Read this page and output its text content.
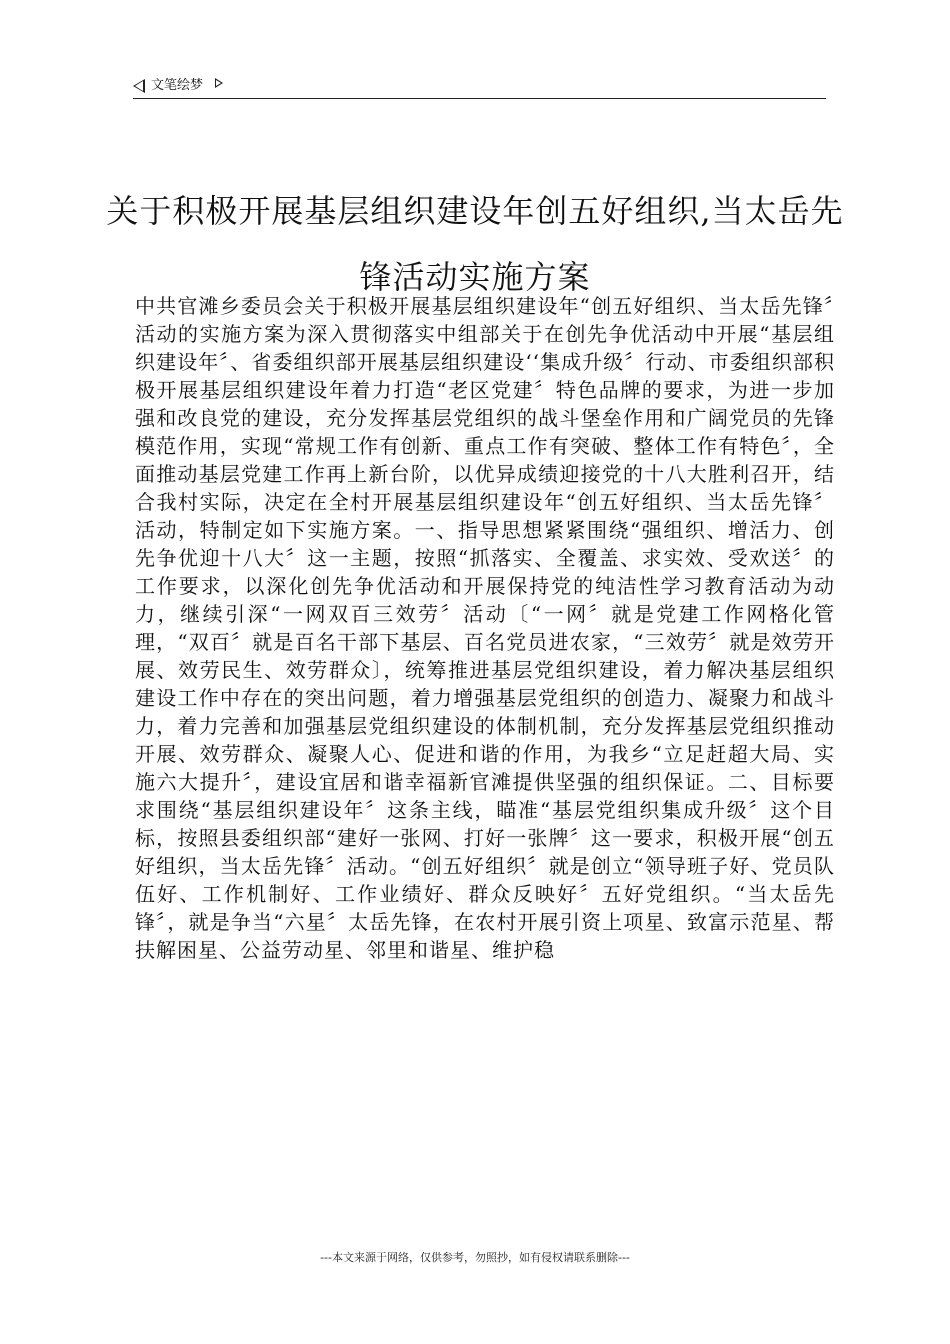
文笔绘梦
关于积极开展基层组织建设年创五好组织,当太岳先锋活动实施方案

中共官滩乡委员会关于积极开展基层组织建设年“创五好组织、当太岳先锋〞活动的实施方案为深入贯彻落实中组部关于在创先争优活动中开展“基层组织建设年〞、省委组织部开展基层组织建设‘‘集成升级〞行动、市委组织部积极开展基层组织建设年着力打造“老区党建〞特色品牌的要求，为进一步加强和改良党的建设，充分发挥基层党组织的战斗堡垒作用和广阔党员的先锋模范作用，实现“常规工作有创新、重点工作有突破、整体工作有特色〞，全面推动基层党建工作再上新台阶，以优异成绩迎接党的十八大胜利召开，结合我村实际，决定在全村开展基层组织建设年“创五好组织、当太岳先锋〞活动，特制定如下实施方案。一、指导思想紧紧围绕“强组织、增活力、创先争优迎十八大〞这一主题，按照“抓落实、全覆盖、求实效、受欢送〞的工作要求，以深化创先争优活动和开展保持党的纯洁性学习教育活动为动力，继续引深“一网双百三效劳〞活动〔“一网〞就是党建工作网格化管理，“双百〞就是百名干部下基层、百名党员进农家，“三效劳〞就是效劳开展、效劳民生、效劳群众〕，统筹推进基层党组织建设，着力解决基层组织建设工作中存在的突出问题，着力增强基层党组织的创造力、凝聚力和战斗力，着力完善和加强基层党组织建设的体制机制，充分发挥基层党组织推动开展、效劳群众、凝聚人心、促进和谐的作用，为我乡“立足赶超大局、实施六大提升〞，建设宜居和谐幸福新官滩提供坚强的组织保证。二、目标要求围绕“基层组织建设年〞这条主线，瞄准“基层党组织集成升级〞这个目标，按照县委组织部“建好一张网、打好一张牌〞这一要求，积极开展“创五好组织，当太岳先锋〞活动。“创五好组织〞就是创立“领导班子好、党员队伍好、工作机制好、工作业绩好、群众反映好〞五好党组织。“当太岳先锋〞，就是争当“六星〞太岳先锋，在农村开展引资上项星、致富示范星、帮扶解困星、公益劳动星、邻里和谐星、维护稳

---本文来源于网络，仅供参考，勿照抄，如有侵权请联系删除---
